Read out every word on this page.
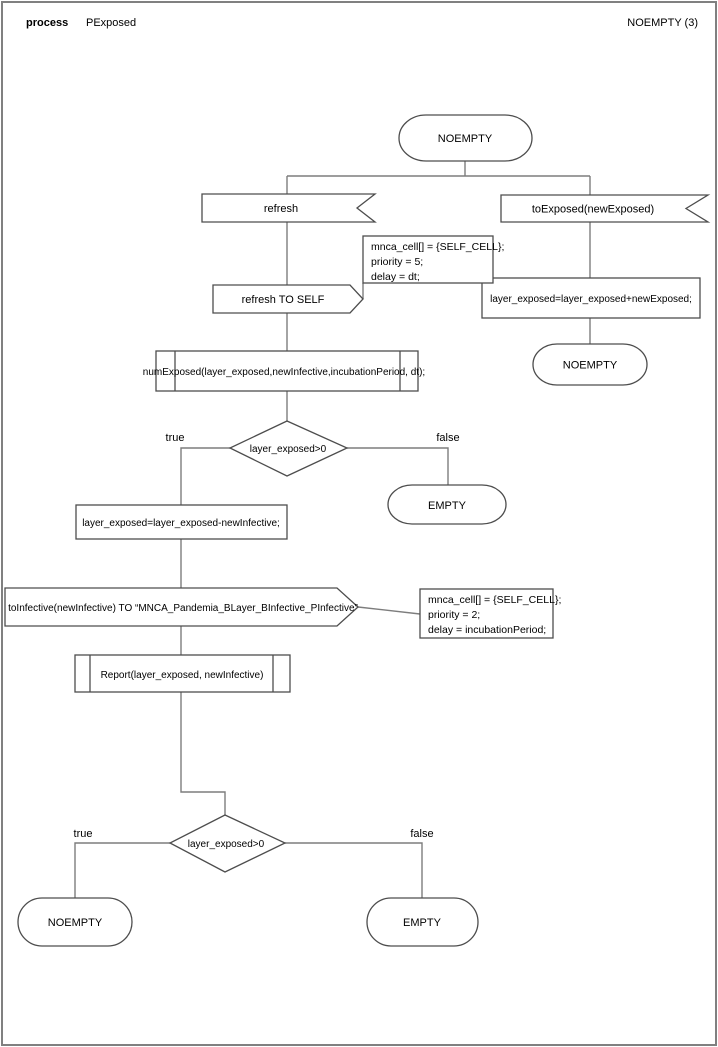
process PExposed	NOEMPTY (3)
NOEMPTY
refresh	toExposed(newExposed)
layer_exposed=layer_exposed+newExposed;
mnca_cell[] = {SELF_CELL};
priority = 5;
delay = dt;
refresh TO SELF
NOEMPTY
numExposed(layer_exposed,newInfective,incubationPeriod, dt);
layer_exposed>0
true	false
EMPTY
layer_exposed=layer_exposed-newInfective;
toInfective(newInfective) TO “MNCA_Pandemia_BLayer_BInfective_PInfective”
mnca_cell[] = {SELF_CELL};
priority = 2;
delay = incubationPeriod;
Report(layer_exposed, newInfective)
layer_exposed>0
true	false
NOEMPTY	EMPTY
